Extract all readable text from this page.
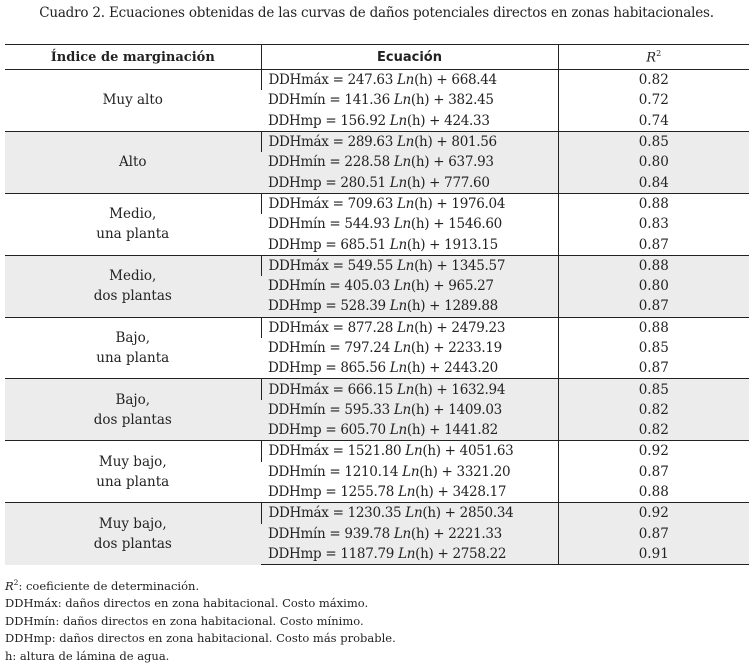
Cuadro 2. Ecuaciones obtenidas de las curvas de daños potenciales directos en zonas habitacionales.
Índice de marginación	Ecuación	$R^2$

Muy alto	DDHmáx = 247.63 Ln(h) + 668.44	0.82
	DDHmín = 141.36 Ln(h) + 382.45	0.72
	DDHmp = 156.92 Ln(h) + 424.33	0.74

Alto	DDHmáx = 289.63 Ln(h) + 801.56	0.85
	DDHmín = 228.58 Ln(h) + 637.93	0.80
	DDHmp = 280.51 Ln(h) + 777.60	0.84

Medio,
una planta	DDHmáx = 709.63 Ln(h) + 1976.04	0.88
	DDHmín = 544.93 Ln(h) + 1546.60	0.83
	DDHmp = 685.51 Ln(h) + 1913.15	0.87

Medio,
dos plantas	DDHmáx = 549.55 Ln(h) + 1345.57	0.88
	DDHmín = 405.03 Ln(h) + 965.27	0.80
	DDHmp = 528.39 Ln(h) + 1289.88	0.87

Bajo,
una planta	DDHmáx = 877.28 Ln(h) + 2479.23	0.88
	DDHmín = 797.24 Ln(h) + 2233.19	0.85
	DDHmp = 865.56 Ln(h) + 2443.20	0.87

Bajo,
dos plantas	DDHmáx = 666.15 Ln(h) + 1632.94	0.85
	DDHmín = 595.33 Ln(h) + 1409.03	0.82
	DDHmp = 605.70 Ln(h) + 1441.82	0.82

Muy bajo,
una planta	DDHmáx = 1521.80 Ln(h) + 4051.63	0.92
	DDHmín = 1210.14 Ln(h) + 3321.20	0.87
	DDHmp = 1255.78 Ln(h) + 3428.17	0.88

Muy bajo,
dos plantas	DDHmáx = 1230.35 Ln(h) + 2850.34	0.92
	DDHmín = 939.78 Ln(h) + 2221.33	0.87
	DDHmp = 1187.79 Ln(h) + 2758.22	0.91
$R^2$: coeficiente de determinación.
DDHmáx: daños directos en zona habitacional. Costo máximo.
DDHmín: daños directos en zona habitacional. Costo mínimo.
DDHmp: daños directos en zona habitacional. Costo más probable.
h: altura de lámina de agua.
